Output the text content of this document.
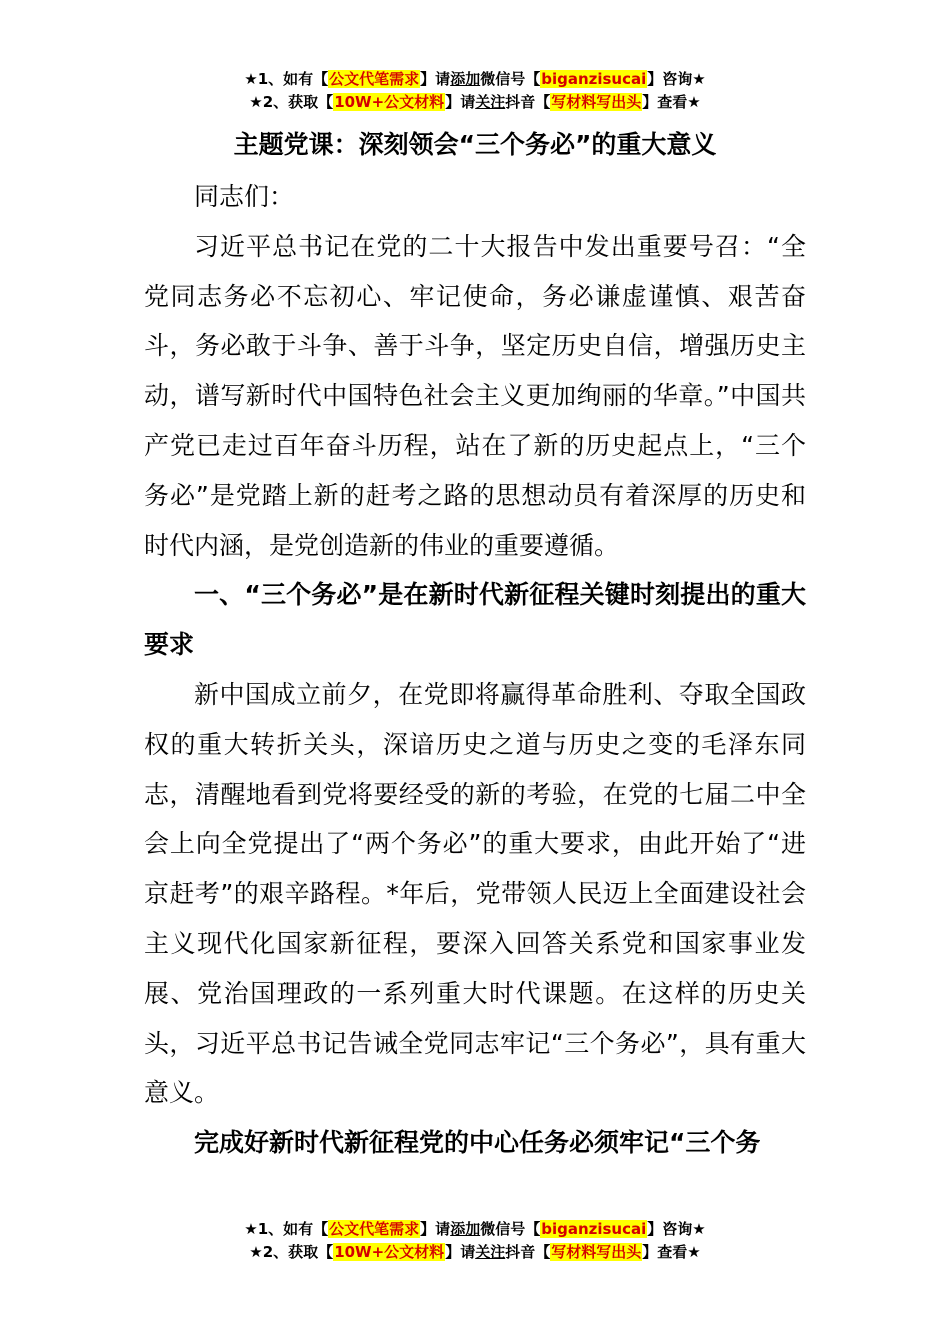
★1、如有【公文代笔需求】请添加微信号【biganzisucai】咨询★
★2、获取【10W+公文材料】请关注抖音【写材料写出头】查看★
主题党课：深刻领会“三个务必”的重大意义

同志们：

习近平总书记在党的二十大报告中发出重要号召：“全党同志务必不忘初心、牢记使命，务必谦虚谨慎、艰苦奋斗，务必敢于斗争、善于斗争，坚定历史自信，增强历史主动，谱写新时代中国特色社会主义更加绚丽的华章。”中国共产党已走过百年奋斗历程，站在了新的历史起点上，“三个务必”是党踏上新的赶考之路的思想动员有着深厚的历史和时代内涵，是党创造新的伟业的重要遵循。

一、“三个务必”是在新时代新征程关键时刻提出的重大要求

新中国成立前夕，在党即将赢得革命胜利、夺取全国政权的重大转折关头，深谙历史之道与历史之变的毛泽东同志，清醒地看到党将要经受的新的考验，在党的七届二中全会上向全党提出了“两个务必”的重大要求，由此开始了“进京赶考”的艰辛路程。*年后，党带领人民迈上全面建设社会主义现代化国家新征程，要深入回答关系党和国家事业发展、党治国理政的一系列重大时代课题。在这样的历史关头，习近平总书记告诫全党同志牢记“三个务必”，具有重大意义。

完成好新时代新征程党的中心任务必须牢记“三个务

★1、如有【公文代笔需求】请添加微信号【biganzisucai】咨询★
★2、获取【10W+公文材料】请关注抖音【写材料写出头】查看★
